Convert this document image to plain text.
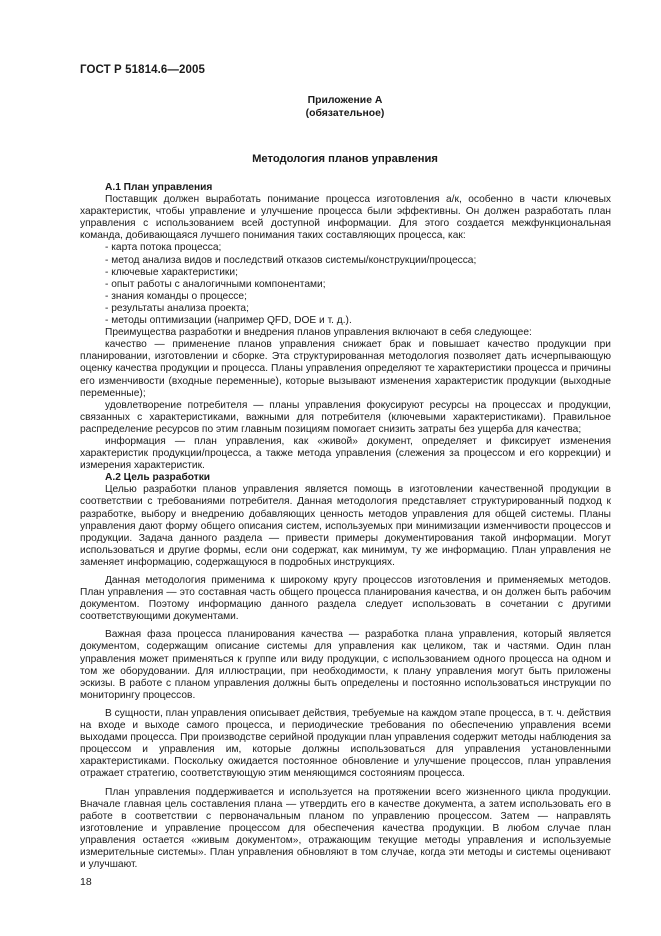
ГОСТ Р 51814.6—2005
Приложение А
(обязательное)
Методология планов управления

А.1 План управления

Поставщик должен выработать понимание процесса изготовления а/к, особенно в части ключевых характеристик, чтобы управление и улучшение процесса были эффективны. Он должен разработать план управления с использованием всей доступной информации. Для этого создается межфункциональная команда, добивающаяся лучшего понимания таких составляющих процесса, как:

- карта потока процесса;

- метод анализа видов и последствий отказов системы/конструкции/процесса;

- ключевые характеристики;

- опыт работы с аналогичными компонентами;

- знания команды о процессе;

- результаты анализа проекта;

- методы оптимизации (например QFD, DOE и т. д.).

Преимущества разработки и внедрения планов управления включают в себя следующее:

качество — применение планов управления снижает брак и повышает качество продукции при планировании, изготовлении и сборке. Эта структурированная методология позволяет дать исчерпывающую оценку качества продукции и процесса. Планы управления определяют те характеристики процесса и причины его изменчивости (входные переменные), которые вызывают изменения характеристик продукции (выходные переменные);

удовлетворение потребителя — планы управления фокусируют ресурсы на процессах и продукции, связанных с характеристиками, важными для потребителя (ключевыми характеристиками). Правильное распределение ресурсов по этим главным позициям помогает снизить затраты без ущерба для качества;

информация — план управления, как «живой» документ, определяет и фиксирует изменения характеристик продукции/процесса, а также метода управления (слежения за процессом и его коррекции) и измерения характеристик.

А.2 Цель разработки

Целью разработки планов управления является помощь в изготовлении качественной продукции в соответствии с требованиями потребителя. Данная методология представляет структурированный подход к разработке, выбору и внедрению добавляющих ценность методов управления для общей системы. Планы управления дают форму общего описания систем, используемых при минимизации изменчивости процессов и продукции. Задача данного раздела — привести примеры документирования такой информации. Могут использоваться и другие формы, если они содержат, как минимум, ту же информацию. План управления не заменяет информацию, содержащуюся в подробных инструкциях.

Данная методология применима к широкому кругу процессов изготовления и применяемых методов. План управления — это составная часть общего процесса планирования качества, и он должен быть рабочим документом. Поэтому информацию данного раздела следует использовать в сочетании с другими соответствующими документами.

Важная фаза процесса планирования качества — разработка плана управления, который является документом, содержащим описание системы для управления как целиком, так и частями. Один план управления может применяться к группе или виду продукции, с использованием одного процесса на одном и том же оборудовании. Для иллюстрации, при необходимости, к плану управления могут быть приложены эскизы. В работе с планом управления должны быть определены и постоянно использоваться инструкции по мониторингу процессов.

В сущности, план управления описывает действия, требуемые на каждом этапе процесса, в т. ч. действия на входе и выходе самого процесса, и периодические требования по обеспечению управления всеми выходами процесса. При производстве серийной продукции план управления содержит методы наблюдения за процессом и управления им, которые должны использоваться для управления установленными характеристиками. Поскольку ожидается постоянное обновление и улучшение процессов, план управления отражает стратегию, соответствующую этим меняющимся состояниям процесса.

План управления поддерживается и используется на протяжении всего жизненного цикла продукции. Вначале главная цель составления плана — утвердить его в качестве документа, а затем использовать его в работе в соответствии с первоначальным планом по управлению процессом. Затем — направлять изготовление и управление процессом для обеспечения качества продукции. В любом случае план управления остается «живым документом», отражающим текущие методы управления и используемые измерительные системы». План управления обновляют в том случае, когда эти методы и системы оценивают и улучшают.

18
